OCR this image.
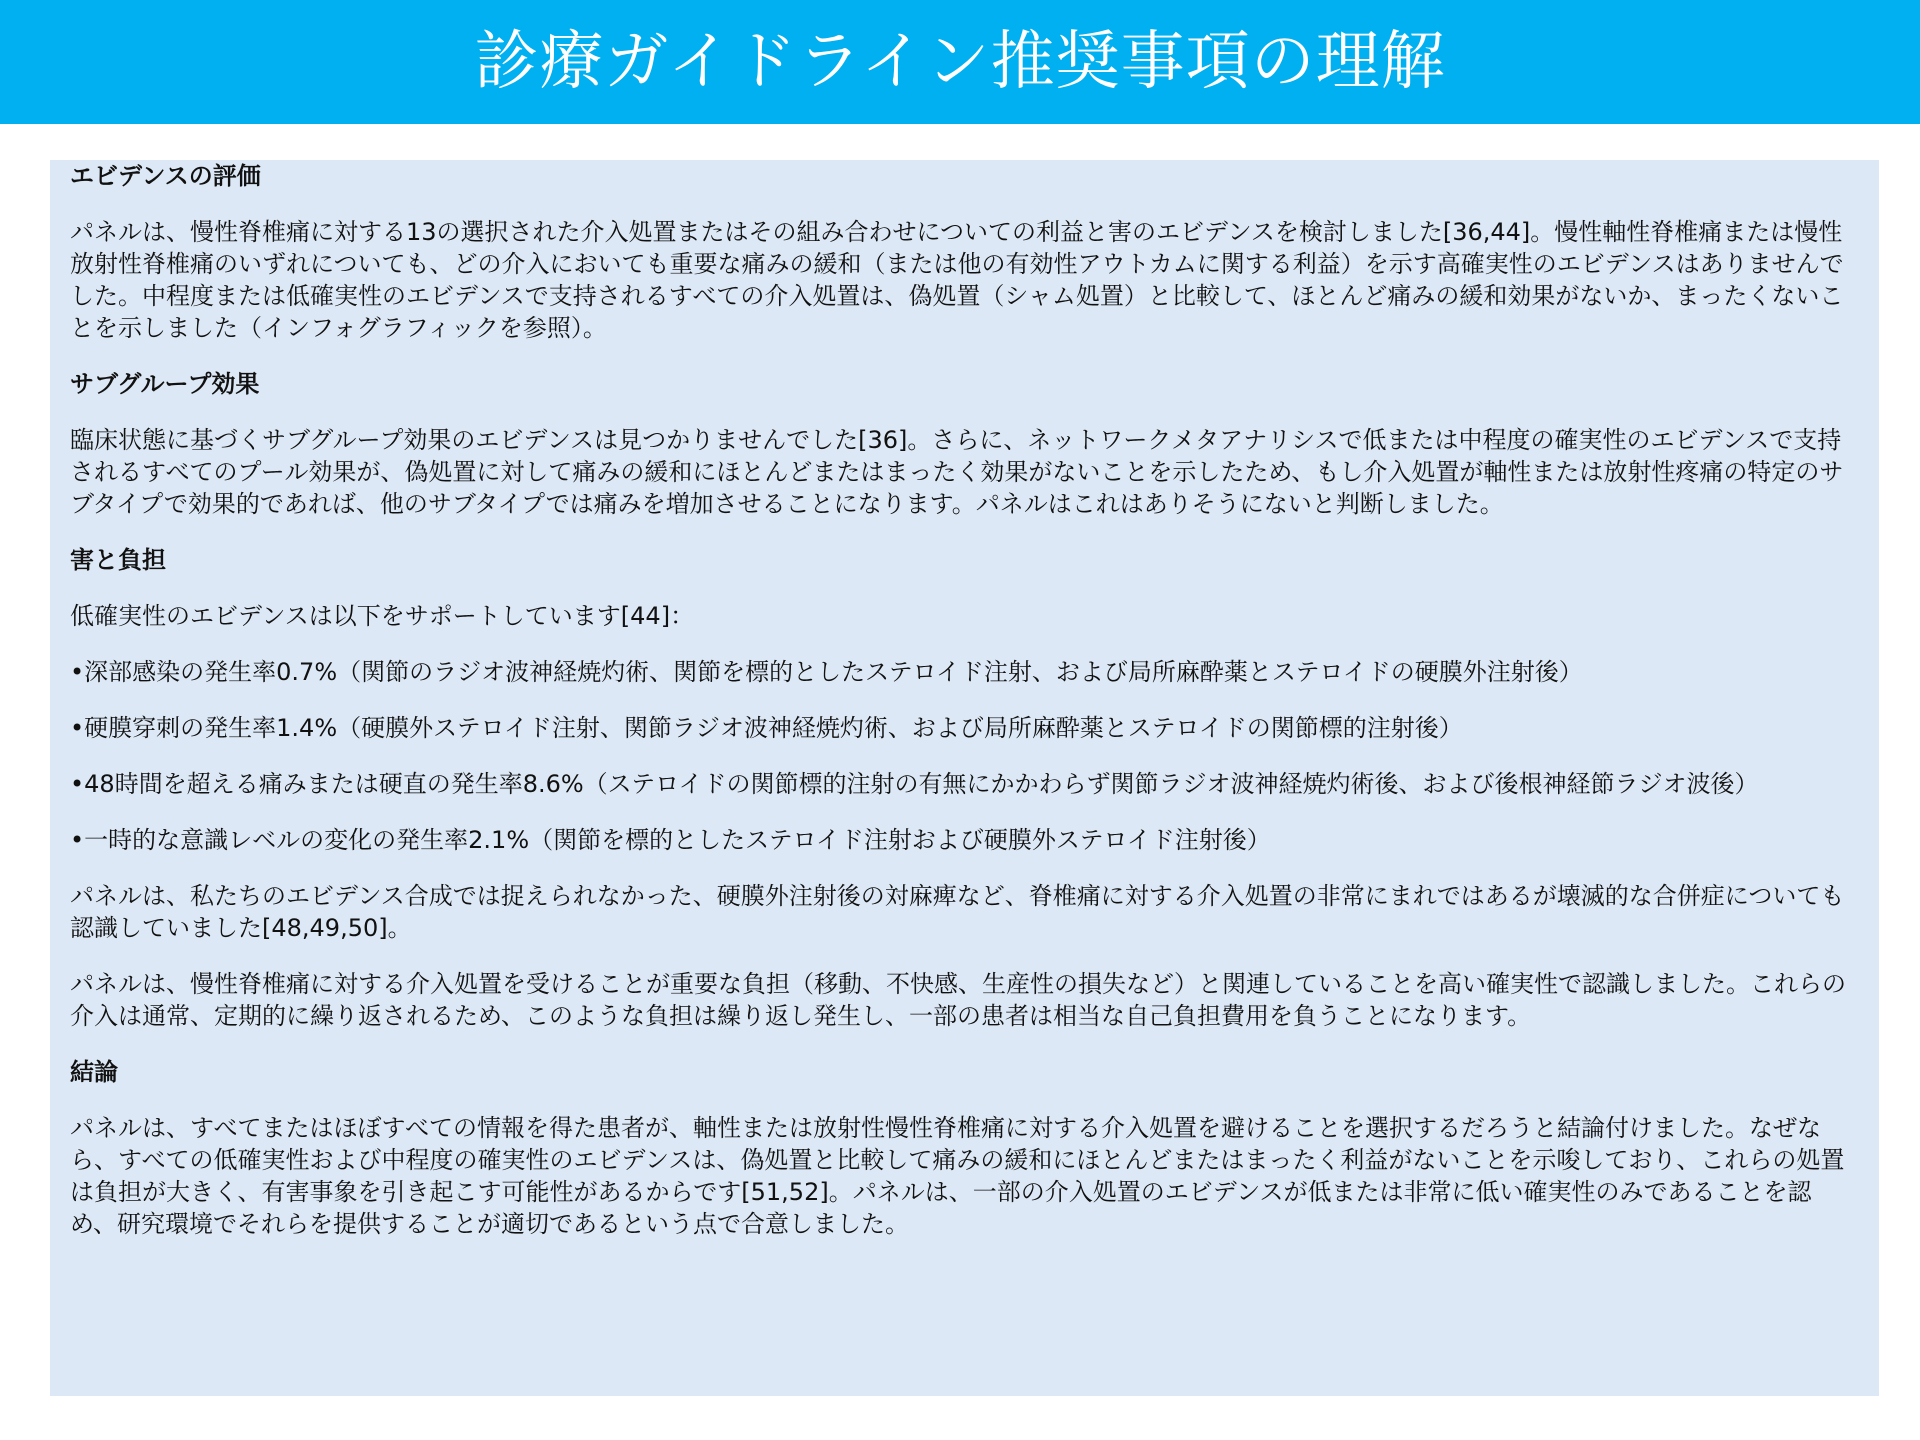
診療ガイドライン推奨事項の理解

エビデンスの評価

パネルは、慢性脊椎痛に対する13の選択された介入処置またはその組み合わせについての利益と害のエビデンスを検討しました[36,44]。慢性軸性脊椎痛または慢性放射性脊椎痛のいずれについても、どの介入においても重要な痛みの緩和（または他の有効性アウトカムに関する利益）を示す高確実性のエビデンスはありませんでした。中程度または低確実性のエビデンスで支持されるすべての介入処置は、偽処置（シャム処置）と比較して、ほとんど痛みの緩和効果がないか、まったくないことを示しました（インフォグラフィックを参照）。

サブグループ効果

臨床状態に基づくサブグループ効果のエビデンスは見つかりませんでした[36]。さらに、ネットワークメタアナリシスで低または中程度の確実性のエビデンスで支持されるすべてのプール効果が、偽処置に対して痛みの緩和にほとんどまたはまったく効果がないことを示したため、もし介入処置が軸性または放射性疼痛の特定のサブタイプで効果的であれば、他のサブタイプでは痛みを増加させることになります。パネルはこれはありそうにないと判断しました。

害と負担

低確実性のエビデンスは以下をサポートしています[44]：

•深部感染の発生率0.7%（関節のラジオ波神経焼灼術、関節を標的としたステロイド注射、および局所麻酔薬とステロイドの硬膜外注射後）

•硬膜穿刺の発生率1.4%（硬膜外ステロイド注射、関節ラジオ波神経焼灼術、および局所麻酔薬とステロイドの関節標的注射後）

•48時間を超える痛みまたは硬直の発生率8.6%（ステロイドの関節標的注射の有無にかかわらず関節ラジオ波神経焼灼術後、および後根神経節ラジオ波後）

•一時的な意識レベルの変化の発生率2.1%（関節を標的としたステロイド注射および硬膜外ステロイド注射後）

パネルは、私たちのエビデンス合成では捉えられなかった、硬膜外注射後の対麻痺など、脊椎痛に対する介入処置の非常にまれではあるが壊滅的な合併症についても認識していました[48,49,50]。

パネルは、慢性脊椎痛に対する介入処置を受けることが重要な負担（移動、不快感、生産性の損失など）と関連していることを高い確実性で認識しました。これらの介入は通常、定期的に繰り返されるため、このような負担は繰り返し発生し、一部の患者は相当な自己負担費用を負うことになります。

結論

パネルは、すべてまたはほぼすべての情報を得た患者が、軸性または放射性慢性脊椎痛に対する介入処置を避けることを選択するだろうと結論付けました。なぜなら、すべての低確実性および中程度の確実性のエビデンスは、偽処置と比較して痛みの緩和にほとんどまたはまったく利益がないことを示唆しており、これらの処置は負担が大きく、有害事象を引き起こす可能性があるからです[51,52]。パネルは、一部の介入処置のエビデンスが低または非常に低い確実性のみであることを認め、研究環境でそれらを提供することが適切であるという点で合意しました。
